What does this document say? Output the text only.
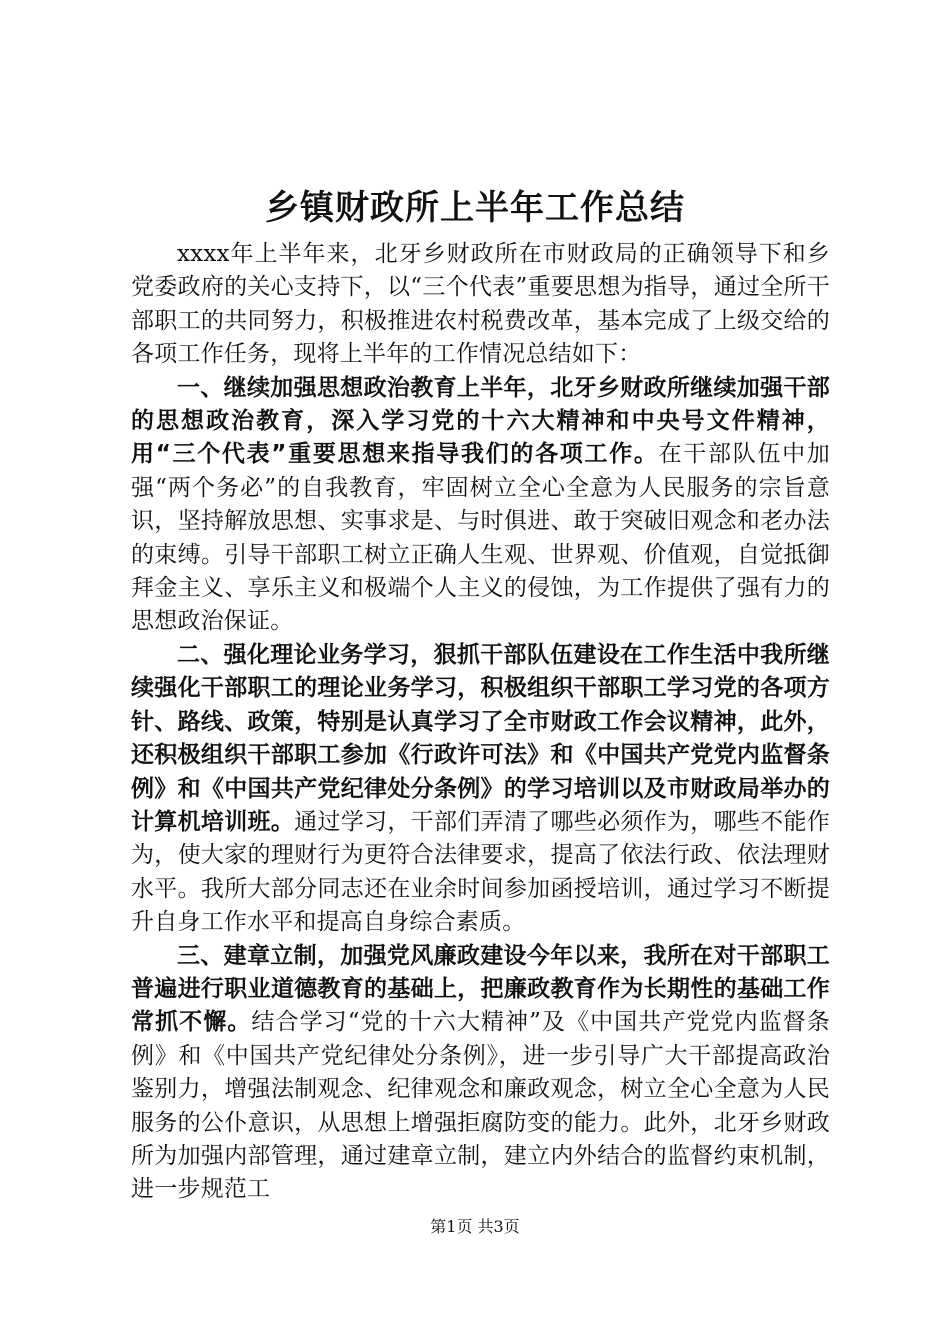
乡镇财政所上半年工作总结

xxxx年上半年来，北牙乡财政所在市财政局的正确领导下和乡党委政府的关心支持下，以“三个代表”重要思想为指导，通过全所干部职工的共同努力，积极推进农村税费改革，基本完成了上级交给的各项工作任务，现将上半年的工作情况总结如下：

一、继续加强思想政治教育上半年，北牙乡财政所继续加强干部的思想政治教育，深入学习党的十六大精神和中央号文件精神，用“三个代表”重要思想来指导我们的各项工作。在干部队伍中加强“两个务必”的自我教育，牢固树立全心全意为人民服务的宗旨意识，坚持解放思想、实事求是、与时俱进、敢于突破旧观念和老办法的束缚。引导干部职工树立正确人生观、世界观、价值观，自觉抵御拜金主义、享乐主义和极端个人主义的侵蚀，为工作提供了强有力的思想政治保证。

二、强化理论业务学习，狠抓干部队伍建设在工作生活中我所继续强化干部职工的理论业务学习，积极组织干部职工学习党的各项方针、路线、政策，特别是认真学习了全市财政工作会议精神，此外，还积极组织干部职工参加《行政许可法》和《中国共产党党内监督条例》和《中国共产党纪律处分条例》的学习培训以及市财政局举办的计算机培训班。通过学习，干部们弄清了哪些必须作为，哪些不能作为，使大家的理财行为更符合法律要求，提高了依法行政、依法理财水平。我所大部分同志还在业余时间参加函授培训，通过学习不断提升自身工作水平和提高自身综合素质。

三、建章立制，加强党风廉政建设今年以来，我所在对干部职工普遍进行职业道德教育的基础上，把廉政教育作为长期性的基础工作常抓不懈。结合学习“党的十六大精神”及《中国共产党党内监督条例》和《中国共产党纪律处分条例》，进一步引导广大干部提高政治鉴别力，增强法制观念、纪律观念和廉政观念，树立全心全意为人民服务的公仆意识，从思想上增强拒腐防变的能力。此外，北牙乡财政所为加强内部管理，通过建章立制，建立内外结合的监督约束机制，进一步规范工

第1页 共3页
